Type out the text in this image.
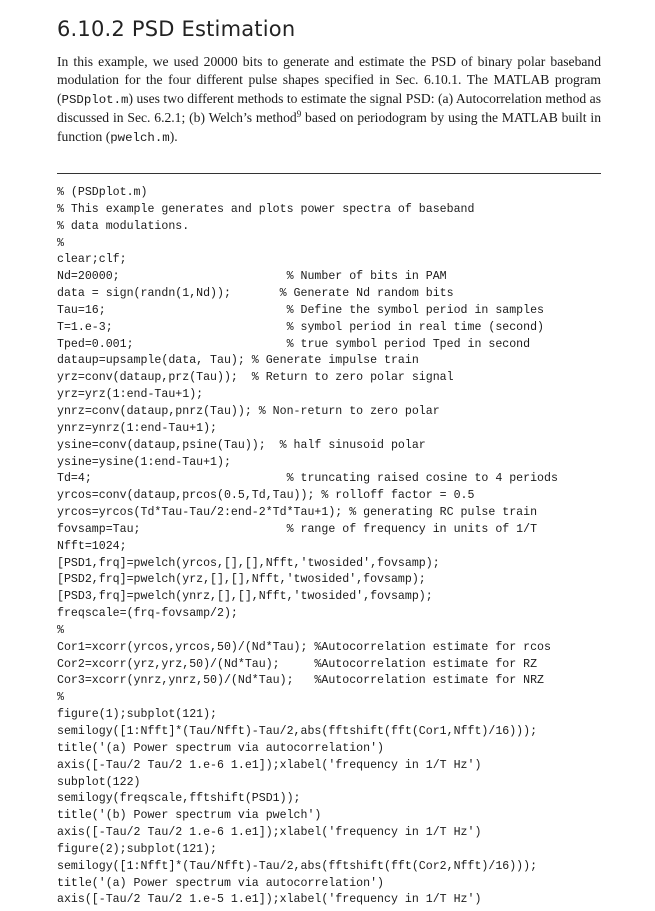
6.10.2 PSD Estimation

In this example, we used 20000 bits to generate and estimate the PSD of binary polar baseband modulation for the four different pulse shapes specified in Sec. 6.10.1. The MATLAB program (PSDplot.m) uses two different methods to estimate the signal PSD: (a) Autocorrelation method as discussed in Sec. 6.2.1; (b) Welch’s method$^9$ based on periodogram by using the MATLAB built in function (pwelch.m).

% (PSDplot.m)
% This example generates and plots power spectra of baseband
% data modulations.
%
clear;clf;
Nd=20000;                        % Number of bits in PAM
data = sign(randn(1,Nd));       % Generate Nd random bits
Tau=16;                          % Define the symbol period in samples
T=1.e-3;                         % symbol period in real time (second)
Tped=0.001;                      % true symbol period Tped in second
dataup=upsample(data, Tau); % Generate impulse train
yrz=conv(dataup,prz(Tau));  % Return to zero polar signal
yrz=yrz(1:end-Tau+1);
ynrz=conv(dataup,pnrz(Tau)); % Non-return to zero polar
ynrz=ynrz(1:end-Tau+1);
ysine=conv(dataup,psine(Tau));  % half sinusoid polar
ysine=ysine(1:end-Tau+1);
Td=4;                            % truncating raised cosine to 4 periods
yrcos=conv(dataup,prcos(0.5,Td,Tau)); % rolloff factor = 0.5
yrcos=yrcos(Td*Tau-Tau/2:end-2*Td*Tau+1); % generating RC pulse train
fovsamp=Tau;                     % range of frequency in units of 1/T
Nfft=1024;
[PSD1,frq]=pwelch(yrcos,[],[],Nfft,'twosided',fovsamp);
[PSD2,frq]=pwelch(yrz,[],[],Nfft,'twosided',fovsamp);
[PSD3,frq]=pwelch(ynrz,[],[],Nfft,'twosided',fovsamp);
freqscale=(frq-fovsamp/2);
%
Cor1=xcorr(yrcos,yrcos,50)/(Nd*Tau); %Autocorrelation estimate for rcos
Cor2=xcorr(yrz,yrz,50)/(Nd*Tau);     %Autocorrelation estimate for RZ
Cor3=xcorr(ynrz,ynrz,50)/(Nd*Tau);   %Autocorrelation estimate for NRZ
%
figure(1);subplot(121);
semilogy([1:Nfft]*(Tau/Nfft)-Tau/2,abs(fftshift(fft(Cor1,Nfft)/16)));
title('(a) Power spectrum via autocorrelation')
axis([-Tau/2 Tau/2 1.e-6 1.e1]);xlabel('frequency in 1/T Hz')
subplot(122)
semilogy(freqscale,fftshift(PSD1));
title('(b) Power spectrum via pwelch')
axis([-Tau/2 Tau/2 1.e-6 1.e1]);xlabel('frequency in 1/T Hz')
figure(2);subplot(121);
semilogy([1:Nfft]*(Tau/Nfft)-Tau/2,abs(fftshift(fft(Cor2,Nfft)/16)));
title('(a) Power spectrum via autocorrelation')
axis([-Tau/2 Tau/2 1.e-5 1.e1]);xlabel('frequency in 1/T Hz')
